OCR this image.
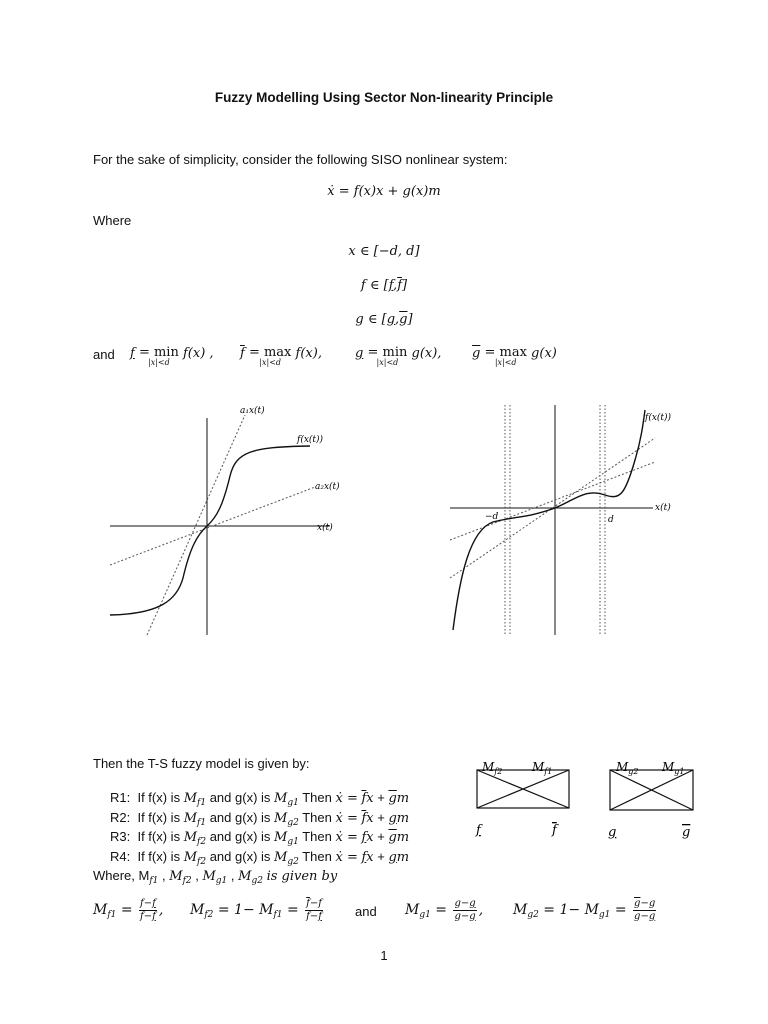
Fuzzy Modelling Using Sector Non-linearity Principle
For the sake of simplicity, consider the following SISO nonlinear system:
ẋ = f(x)x + g(x)m
Where
x ∈ [−d, d]
f ∈ $[f,\overline{f}]$
g ∈ $[g,\overline{g}]$
and f = min
|x|<d
f(x) , $\overline{f} = \max$
|x|<d
f(x),	g = min
|x|<d
g(x), $\overline{g} = \max$
|x|<d
g(x)
a₁x(t)
f(x(t))
a₂x(t)
x(t)
f(x(t))
x(t)
−d	d
Then the T-S fuzzy model is given by:
R1: If f(x) is $M_{f1}$ and g(x) is $M_{g1}$ Then ẋ = $\overline{f}x + \overline{g}m$
R2: If f(x) is $M_{f1}$ and g(x) is $M_{g2}$ Then ẋ = $\overline{f}x$ + gm
R3: If f(x) is $M_{f2}$ and g(x) is $M_{g1}$ Then ẋ = fx + $\overline{g}m$
R4: If f(x) is $M_{f2}$ and g(x) is $M_{g2}$ Then ẋ = fx + gm
Where, $M_{f1}$ , $M_{f2}$ , $M_{g1}$ , $M_{g2}$ is given by
$M_{f2}$ $M_{f1}$
f	f
$M_{g2}$ $M_{g1}$
g	g
$M_{f1} = \frac{f-f}{\overline{f}-f}$ , $M_{f2} = 1- M_{f1} = \frac{\overline{f}-f}{\overline{f}-f}$ and $M_{g1} = \frac{g-g}{\overline{g}-g}$ , $M_{g2} = 1- M_{g1} = \frac{\overline{g}-g}{\overline{g}-g}$
1
